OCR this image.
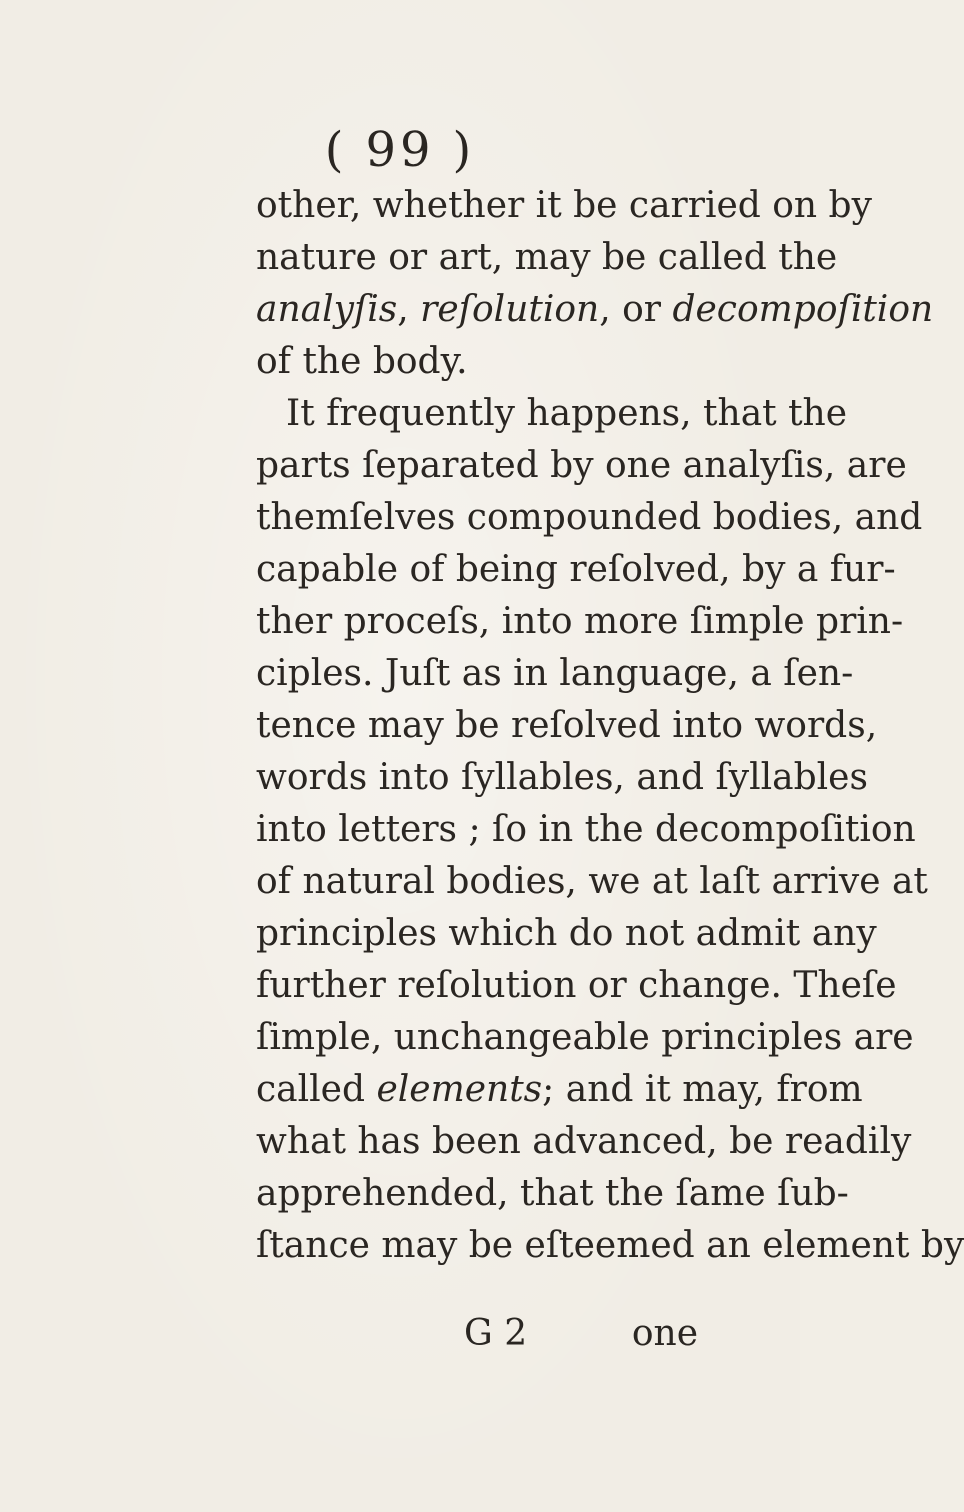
( 99 )
other, whether it be carried on by
nature or art, may be called the
analyſis, reſolution, or decompoſition
of the body.
It frequently happens, that the
parts ſeparated by one analyſis, are
themſelves compounded bodies, and
capable of being reſolved, by a fur-
ther proceſs, into more ſimple prin-
ciples. Juſt as in language, a ſen-
tence may be reſolved into words,
words into ſyllables, and ſyllables
into letters ; ſo in the decompoſition
of natural bodies, we at laſt arrive at
principles which do not admit any
further reſolution or change. Theſe
ſimple, unchangeable principles are
called elements; and it may, from
what has been advanced, be readily
apprehended, that the ſame ſub-
ſtance may be eſteemed an element by
G 2	one
